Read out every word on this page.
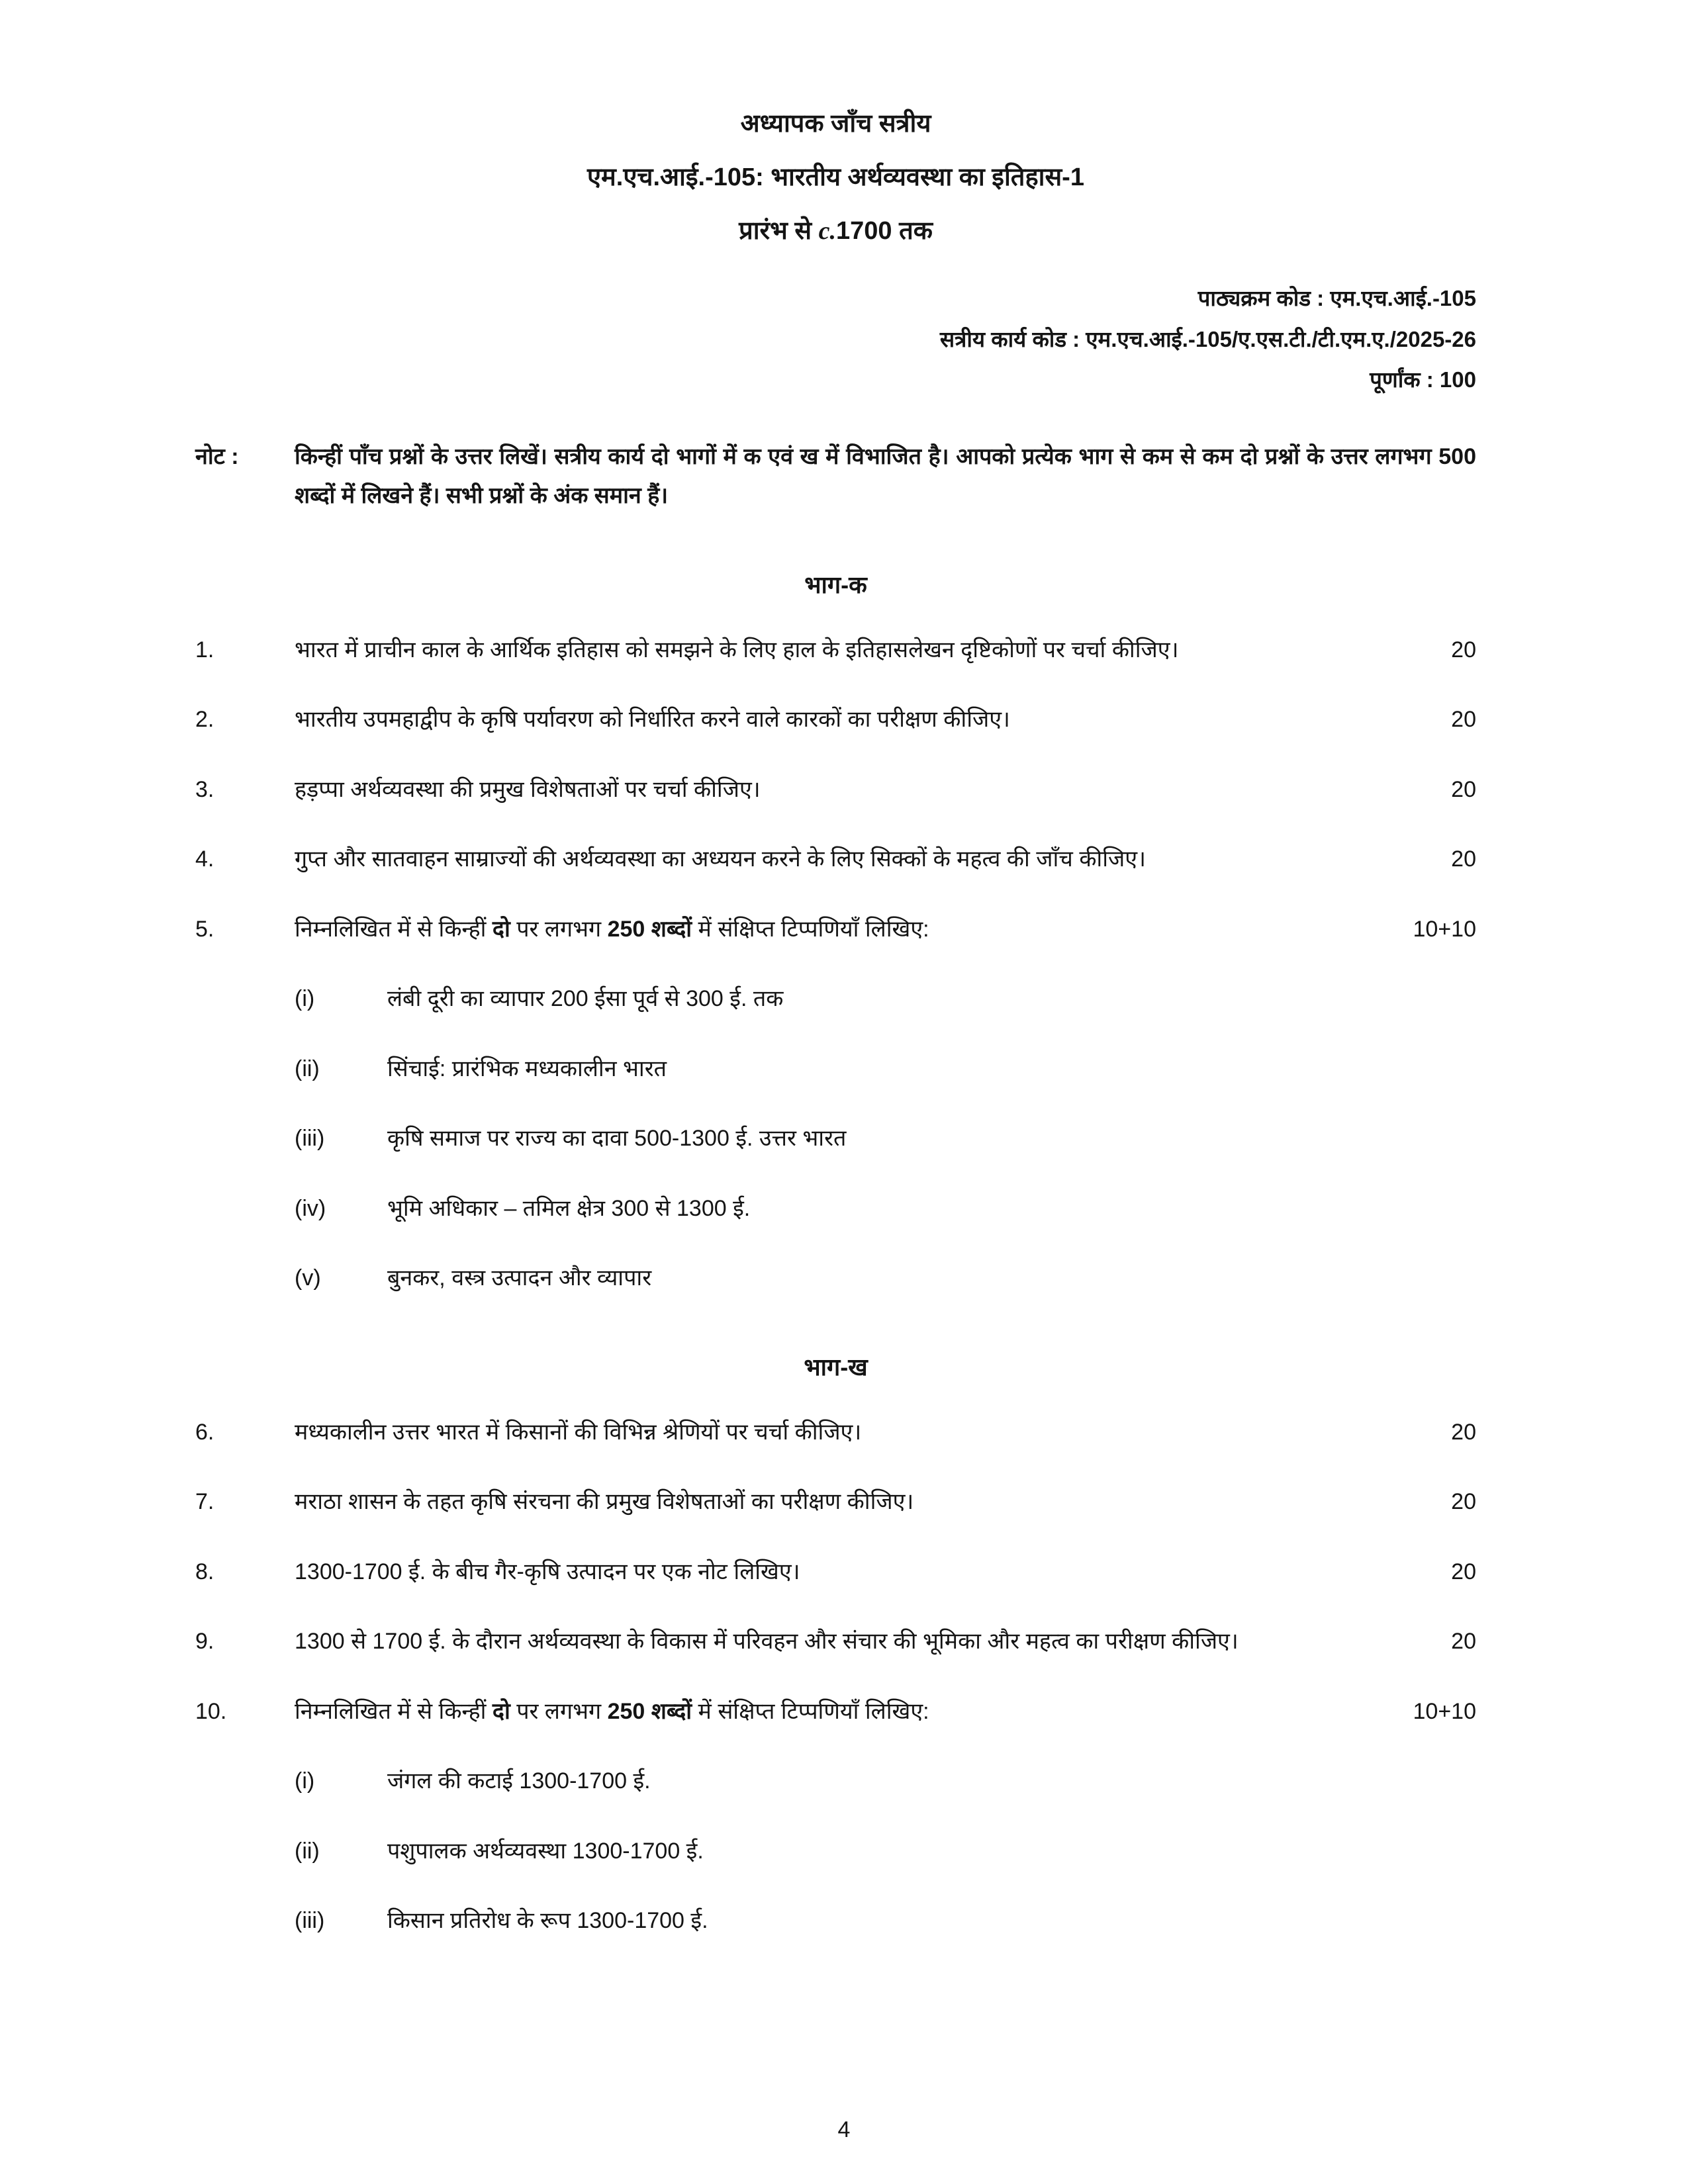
अध्यापक जाँच सत्रीय
एम.एच.आई.-105: भारतीय अर्थव्यवस्था का इतिहास-1
प्रारंभ से c.1700 तक
पाठ्यक्रम कोड : एम.एच.आई.-105
सत्रीय कार्य कोड : एम.एच.आई.-105/ए.एस.टी./टी.एम.ए./2025-26
पूर्णांक : 100
नोट :	किन्हीं पाँच प्रश्नों के उत्तर लिखें। सत्रीय कार्य दो भागों में क एवं ख में विभाजित है। आपको प्रत्येक भाग से कम से कम दो प्रश्नों के उत्तर लगभग 500 शब्दों में लिखने हैं। सभी प्रश्नों के अंक समान हैं।
भाग-क
1.	भारत में प्राचीन काल के आर्थिक इतिहास को समझने के लिए हाल के इतिहासलेखन दृष्टिकोणों पर चर्चा कीजिए।	20
2.	भारतीय उपमहाद्वीप के कृषि पर्यावरण को निर्धारित करने वाले कारकों का परीक्षण कीजिए।	20
3.	हड़प्पा अर्थव्यवस्था की प्रमुख विशेषताओं पर चर्चा कीजिए।	20
4.	गुप्त और सातवाहन साम्राज्यों की अर्थव्यवस्था का अध्ययन करने के लिए सिक्कों के महत्व की जाँच कीजिए।	20
5.	निम्नलिखित में से किन्हीं दो पर लगभग 250 शब्दों में संक्षिप्त टिप्पणियाँ लिखिए:	10+10
(i)	लंबी दूरी का व्यापार 200 ईसा पूर्व से 300 ई. तक
(ii)	सिंचाई: प्रारंभिक मध्यकालीन भारत
(iii)	कृषि समाज पर राज्य का दावा 500-1300 ई. उत्तर भारत
(iv)	भूमि अधिकार – तमिल क्षेत्र 300 से 1300 ई.
(v)	बुनकर, वस्त्र उत्पादन और व्यापार
भाग-ख
6.	मध्यकालीन उत्तर भारत में किसानों की विभिन्न श्रेणियों पर चर्चा कीजिए।	20
7.	मराठा शासन के तहत कृषि संरचना की प्रमुख विशेषताओं का परीक्षण कीजिए।	20
8.	1300-1700 ई. के बीच गैर-कृषि उत्पादन पर एक नोट लिखिए।	20
9.	1300 से 1700 ई. के दौरान अर्थव्यवस्था के विकास में परिवहन और संचार की भूमिका और महत्व का परीक्षण कीजिए।	20
10.	निम्नलिखित में से किन्हीं दो पर लगभग 250 शब्दों में संक्षिप्त टिप्पणियाँ लिखिए:	10+10
(i)	जंगल की कटाई 1300-1700 ई.
(ii)	पशुपालक अर्थव्यवस्था 1300-1700 ई.
(iii)	किसान प्रतिरोध के रूप 1300-1700 ई.
4
